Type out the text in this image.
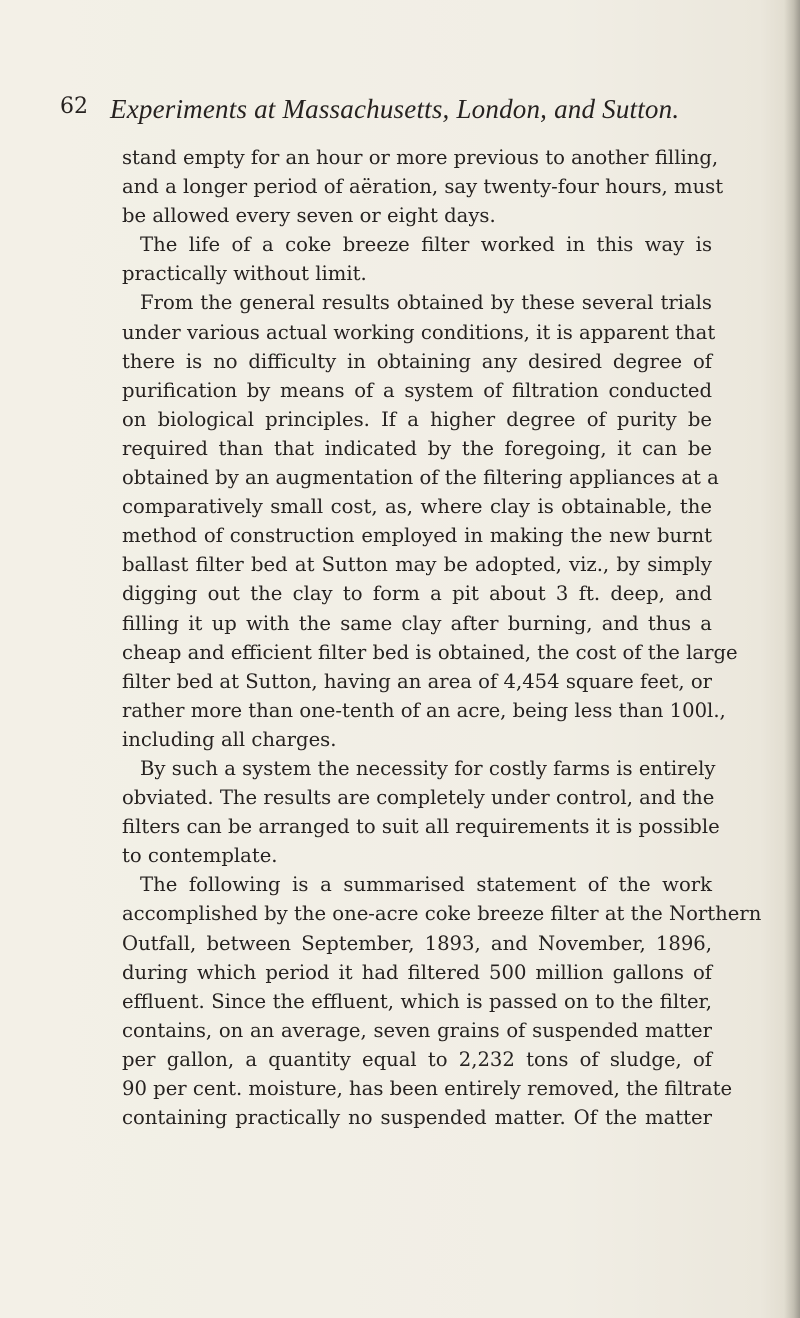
62 Experiments at Massachusetts, London, and Sutton.
stand empty for an hour or more previous to another filling,
and a longer period of aëration, say twenty-four hours, must
be allowed every seven or eight days.
The life of a coke breeze filter worked in this way is
practically without limit.
From the general results obtained by these several trials
under various actual working conditions, it is apparent that
there is no difficulty in obtaining any desired degree of
purification by means of a system of filtration conducted
on biological principles. If a higher degree of purity be
required than that indicated by the foregoing, it can be
obtained by an augmentation of the filtering appliances at a
comparatively small cost, as, where clay is obtainable, the
method of construction employed in making the new burnt
ballast filter bed at Sutton may be adopted, viz., by simply
digging out the clay to form a pit about 3 ft. deep, and
filling it up with the same clay after burning, and thus a
cheap and efficient filter bed is obtained, the cost of the large
filter bed at Sutton, having an area of 4,454 square feet, or
rather more than one-tenth of an acre, being less than 100l.,
including all charges.
By such a system the necessity for costly farms is entirely
obviated. The results are completely under control, and the
filters can be arranged to suit all requirements it is possible
to contemplate.
The following is a summarised statement of the work
accomplished by the one-acre coke breeze filter at the Northern
Outfall, between September, 1893, and November, 1896,
during which period it had filtered 500 million gallons of
effluent. Since the effluent, which is passed on to the filter,
contains, on an average, seven grains of suspended matter
per gallon, a quantity equal to 2,232 tons of sludge, of
90 per cent. moisture, has been entirely removed, the filtrate
containing practically no suspended matter. Of the matter
